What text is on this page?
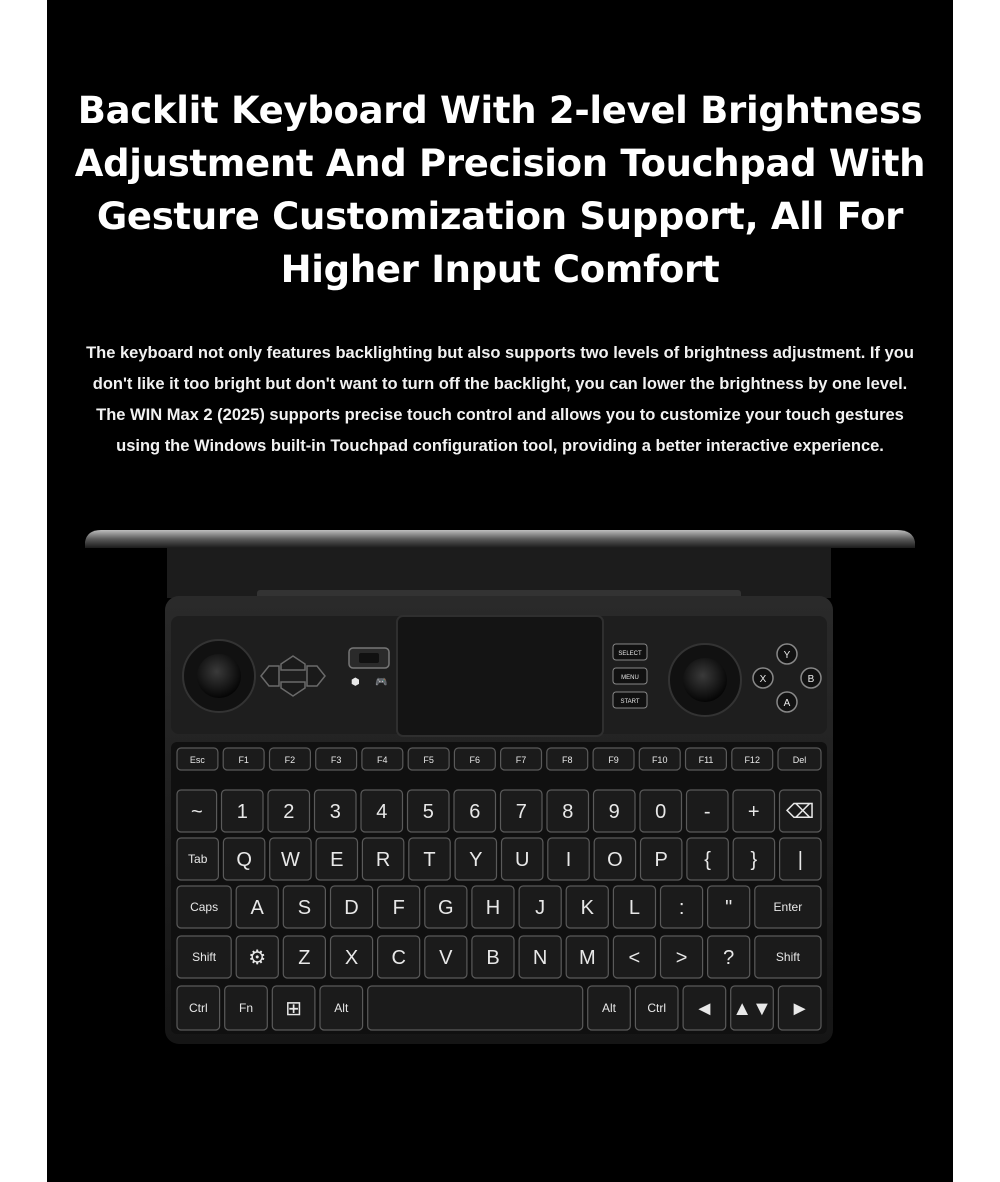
Backlit Keyboard With 2-level Brightness
Adjustment And Precision Touchpad With
Gesture Customization Support, All For
Higher Input Comfort
The keyboard not only features backlighting but also supports two levels of brightness adjustment. If you
don't like it too bright but don't want to turn off the backlight, you can lower the brightness by one level.
The WIN Max 2 (2025) supports precise touch control and allows you to customize your touch gestures
using the Windows built-in Touchpad configuration tool, providing a better interactive experience.
⬢ 🎮
SELECT
MENU
START
Y
X	B
A
Esc	F1	F2	F3	F4	F5	F6	F7	F8	F9	F10	F11	F12	Del
~ 1 2 3 4 5 6 7 8 9 0 - + ⌫
Tab Q W E R T Y U I O P { } |
Caps A S D F G H J K L : "	Enter
Shift ⚙ Z X C V B N M < > ?	Shift
Ctrl	Fn ⊞	Alt	Alt	Ctrl ◄ ▲▼ ►
